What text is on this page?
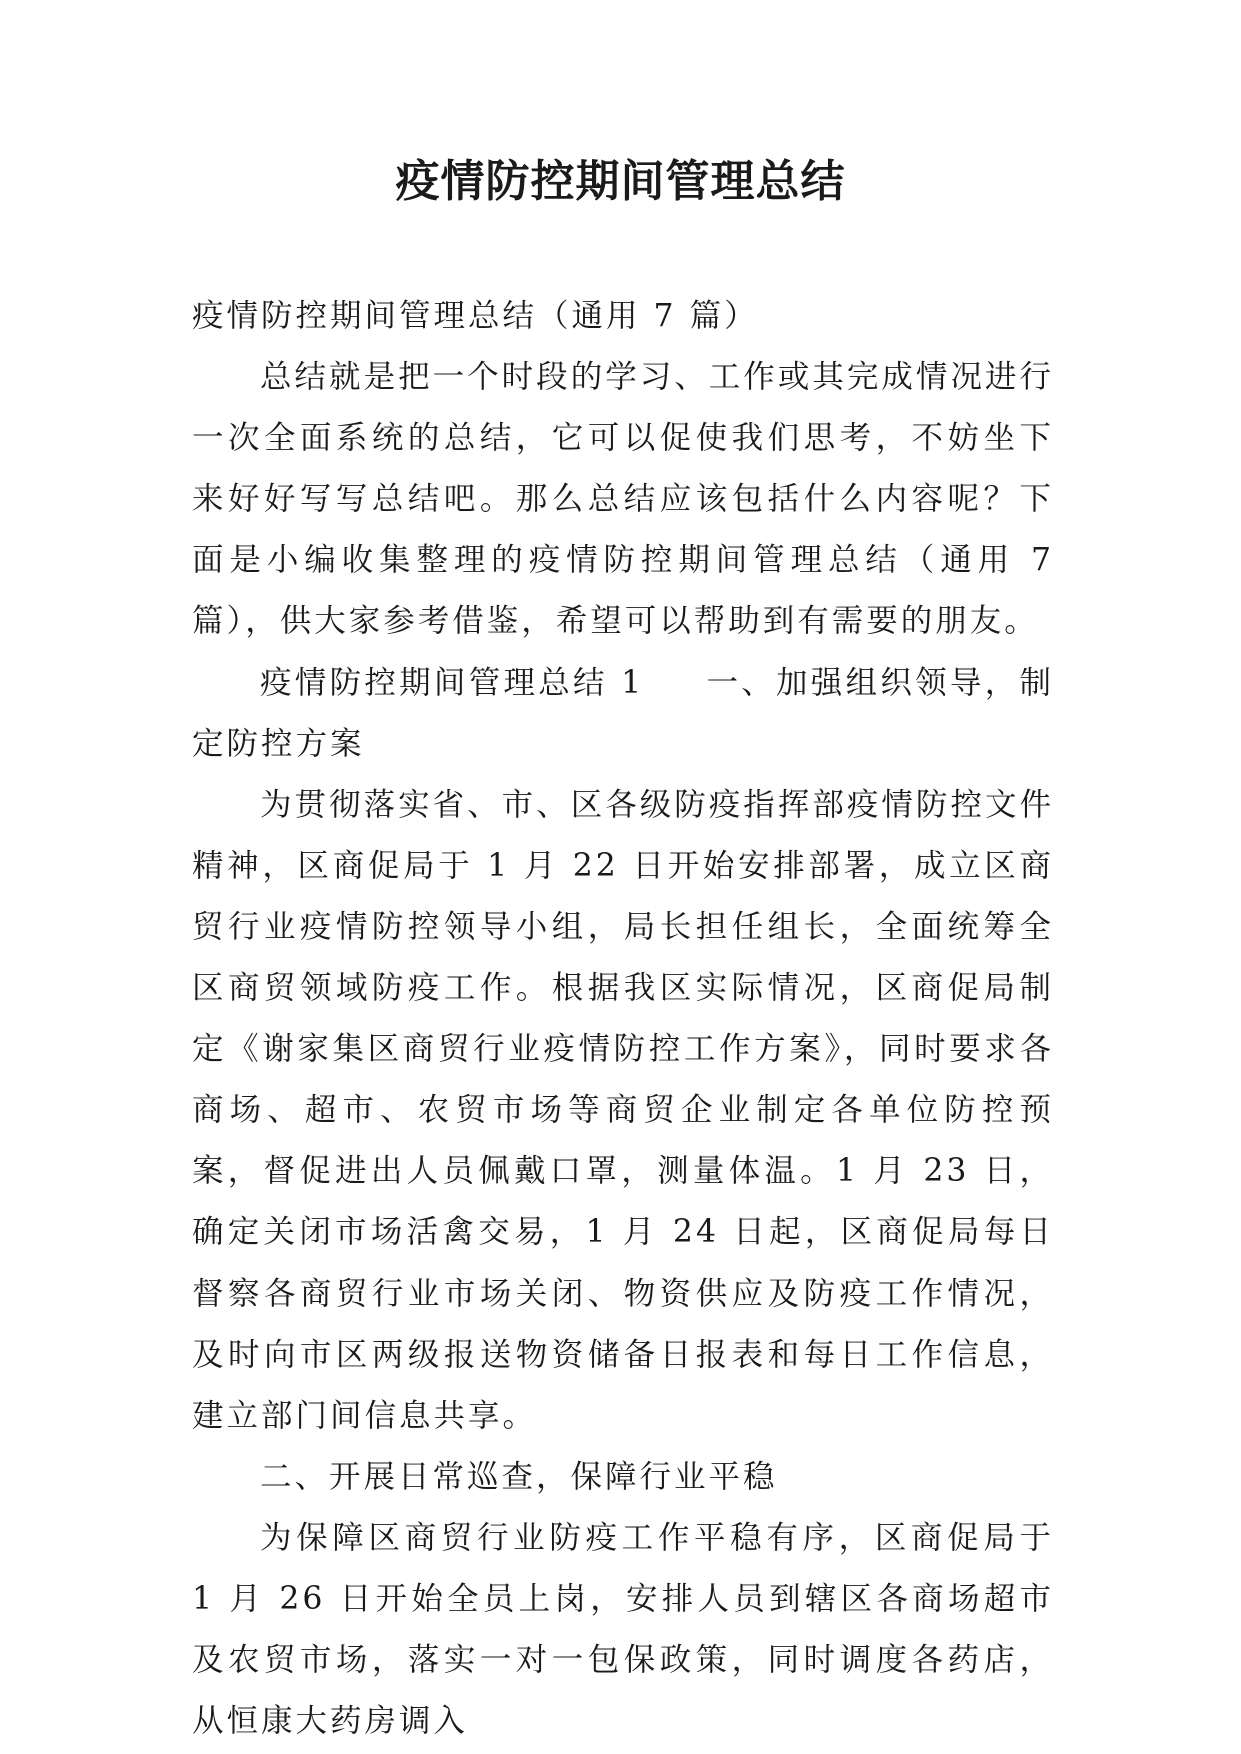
疫情防控期间管理总结

疫情防控期间管理总结（通用 7 篇）

总结就是把一个时段的学习、工作或其完成情况进行一次全面系统的总结，它可以促使我们思考，不妨坐下来好好写写总结吧。那么总结应该包括什么内容呢？下面是小编收集整理的疫情防控期间管理总结（通用 7 篇），供大家参考借鉴，希望可以帮助到有需要的朋友。

疫情防控期间管理总结 1 一、加强组织领导，制定防控方案

为贯彻落实省、市、区各级防疫指挥部疫情防控文件精神，区商促局于 1 月 22 日开始安排部署，成立区商贸行业疫情防控领导小组，局长担任组长，全面统筹全区商贸领域防疫工作。根据我区实际情况，区商促局制定《谢家集区商贸行业疫情防控工作方案》，同时要求各商场、超市、农贸市场等商贸企业制定各单位防控预案，督促进出人员佩戴口罩，测量体温。1 月 23 日，确定关闭市场活禽交易，1 月 24 日起，区商促局每日督察各商贸行业市场关闭、物资供应及防疫工作情况，及时向市区两级报送物资储备日报表和每日工作信息，建立部门间信息共享。

二、开展日常巡查，保障行业平稳

为保障区商贸行业防疫工作平稳有序，区商促局于 1 月 26 日开始全员上岗，安排人员到辖区各商场超市及农贸市场，落实一对一包保政策，同时调度各药店，从恒康大药房调入
